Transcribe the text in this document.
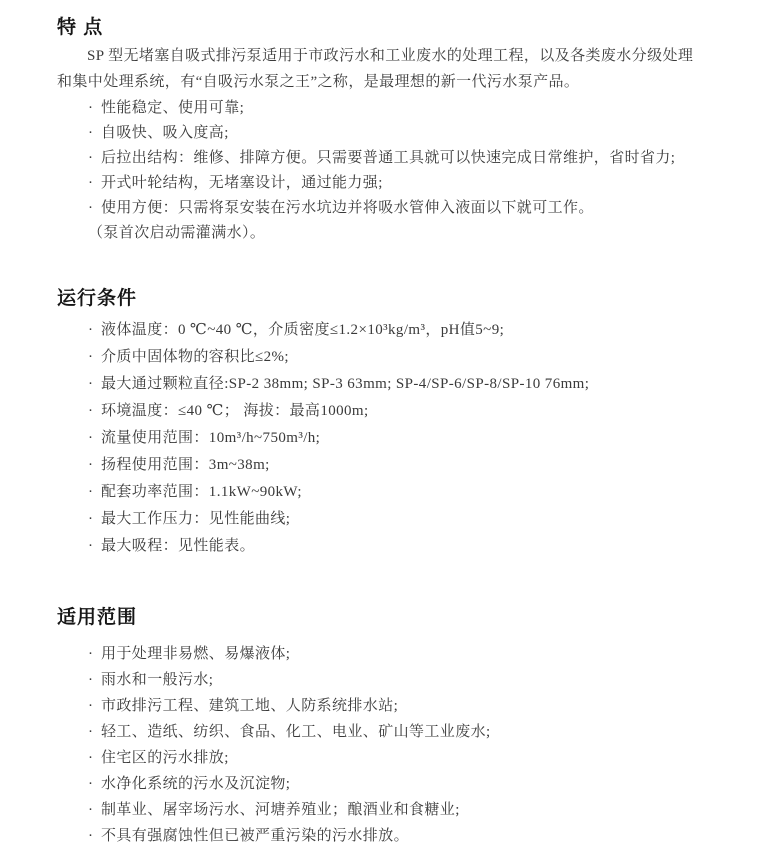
特 点
SP 型无堵塞自吸式排污泵适用于市政污水和工业废水的处理工程，以及各类废水分级处理
和集中处理系统，有“自吸污水泵之王”之称，是最理想的新一代污水泵产品。
· 性能稳定、使用可靠;
· 自吸快、吸入度高;
· 后拉出结构：维修、排障方便。只需要普通工具就可以快速完成日常维护，省时省力;
· 开式叶轮结构，无堵塞设计，通过能力强;
· 使用方便：只需将泵安装在污水坑边并将吸水管伸入液面以下就可工作。
（泵首次启动需灌满水）。
运行条件
· 液体温度：0 ℃~40 ℃，介质密度≤1.2×10³kg/m³，pH值5~9;
· 介质中固体物的容积比≤2%;
· 最大通过颗粒直径:SP-2 38mm; SP-3 63mm; SP-4/SP-6/SP-8/SP-10 76mm;
· 环境温度：≤40 ℃； 海拔：最高1000m;
· 流量使用范围：10m³/h~750m³/h;
· 扬程使用范围：3m~38m;
· 配套功率范围：1.1kW~90kW;
· 最大工作压力：见性能曲线;
· 最大吸程：见性能表。
适用范围
· 用于处理非易燃、易爆液体;
· 雨水和一般污水;
· 市政排污工程、建筑工地、人防系统排水站;
· 轻工、造纸、纺织、食品、化工、电业、矿山等工业废水;
· 住宅区的污水排放;
· 水净化系统的污水及沉淀物;
· 制革业、屠宰场污水、河塘养殖业；酿酒业和食糖业;
· 不具有强腐蚀性但已被严重污染的污水排放。
